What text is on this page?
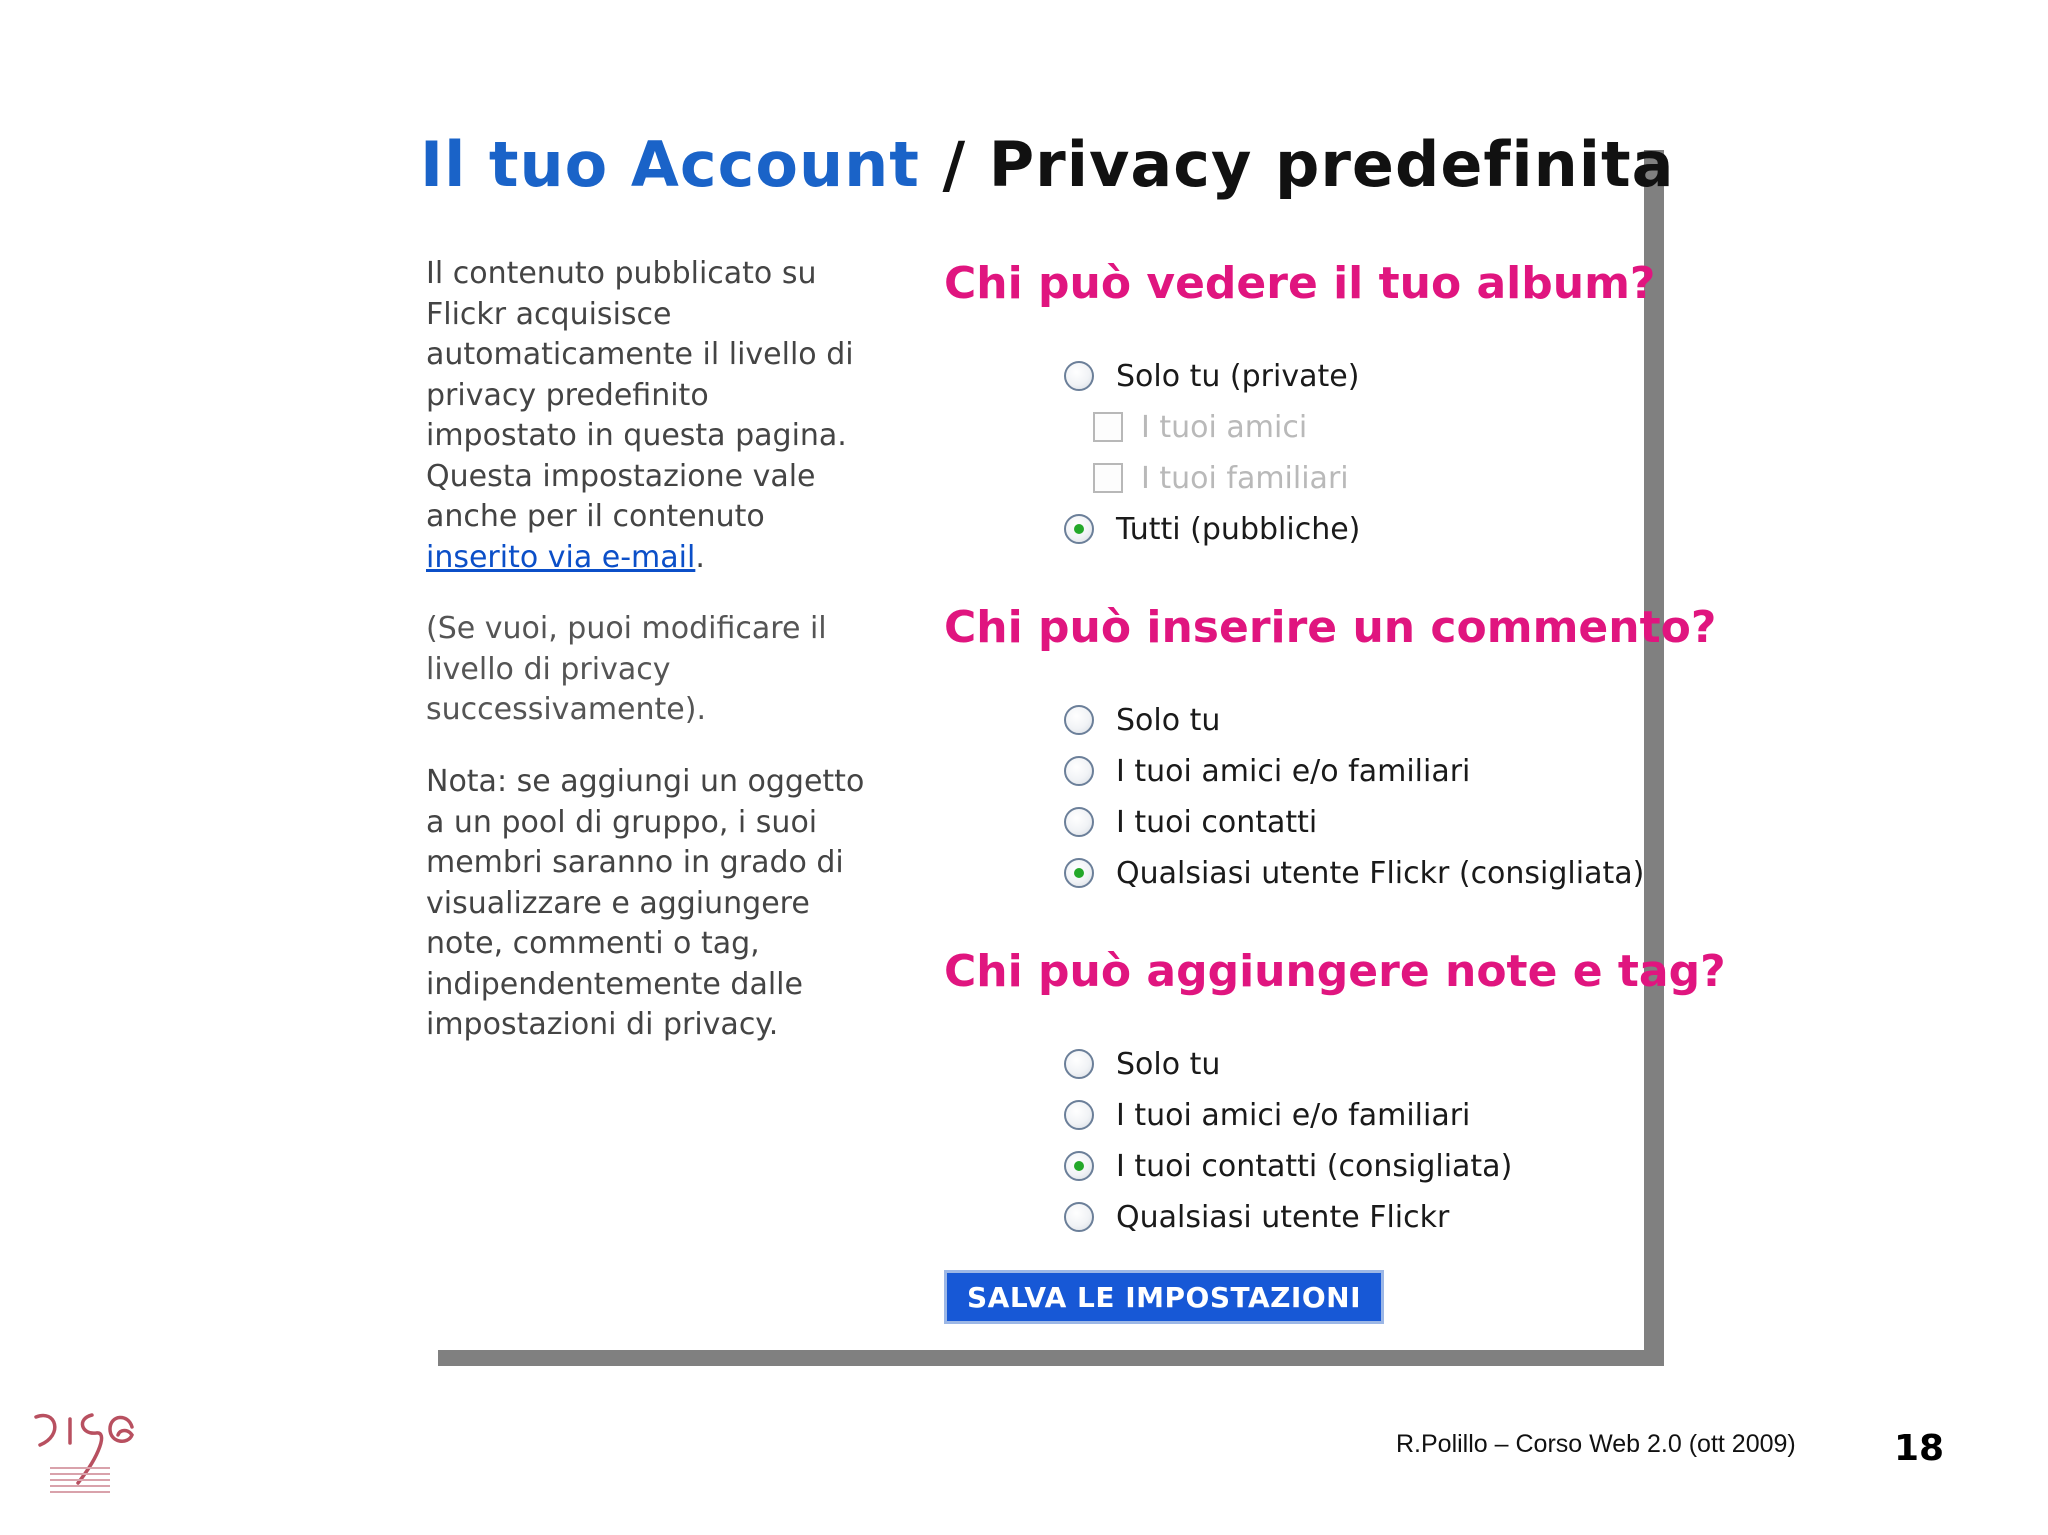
Il tuo Account / Privacy predefinita

Il contenuto pubblicato su Flickr acquisisce automaticamente il livello di privacy predefinito impostato in questa pagina. Questa impostazione vale anche per il contenuto inserito via e-mail.

(Se vuoi, puoi modificare il livello di privacy successivamente).

Nota: se aggiungi un oggetto a un pool di gruppo, i suoi membri saranno in grado di visualizzare e aggiungere note, commenti o tag, indipendentemente dalle impostazioni di privacy.

Chi può vedere il tuo album?
Solo tu (private)
I tuoi amici
I tuoi familiari
Tutti (pubbliche)
Chi può inserire un commento?
Solo tu
I tuoi amici e/o familiari
I tuoi contatti
Qualsiasi utente Flickr (consigliata)
Chi può aggiungere note e tag?
Solo tu
I tuoi amici e/o familiari
I tuoi contatti (consigliata)
Qualsiasi utente Flickr
SALVA LE IMPOSTAZIONI

R.Polillo – Corso Web 2.0 (ott 2009)	18
